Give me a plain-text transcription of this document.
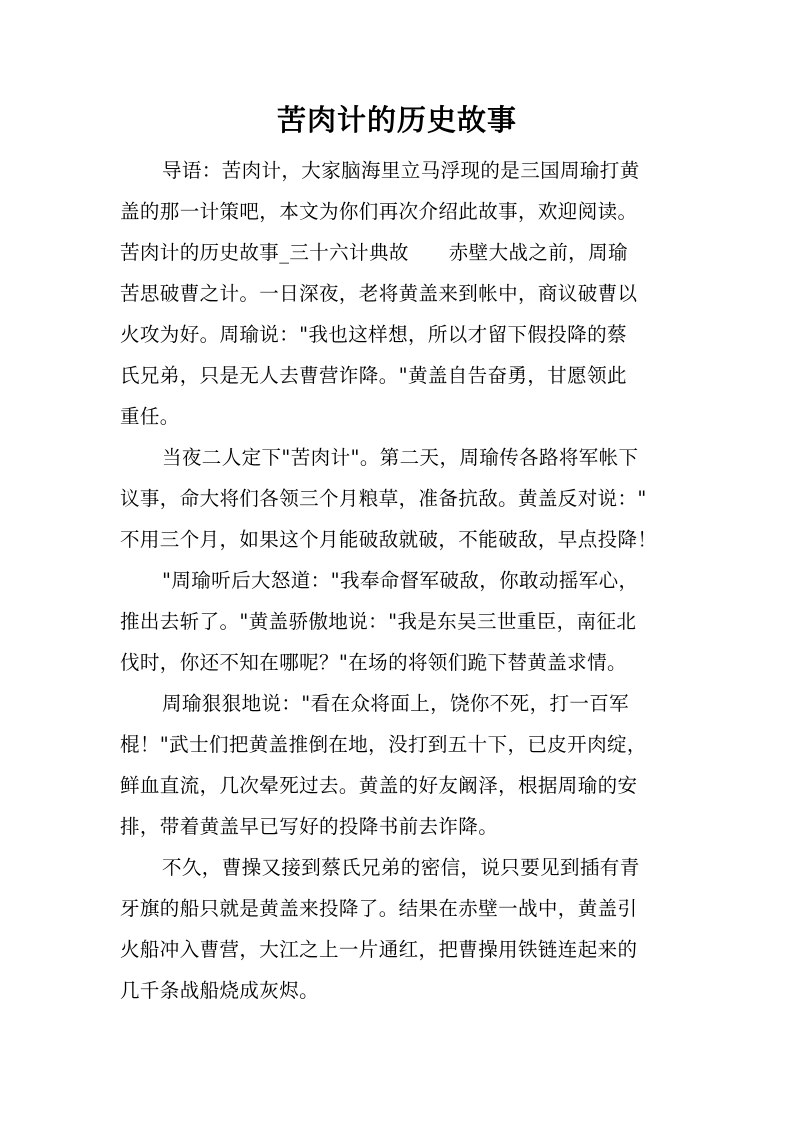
苦肉计的历史故事
导语：苦肉计，大家脑海里立马浮现的是三国周瑜打黄
盖的那一计策吧，本文为你们再次介绍此故事，欢迎阅读。
苦肉计的历史故事_三十六计典故 赤壁大战之前，周瑜
苦思破曹之计。一日深夜，老将黄盖来到帐中，商议破曹以
火攻为好。周瑜说："我也这样想，所以才留下假投降的蔡
氏兄弟，只是无人去曹营诈降。"黄盖自告奋勇，甘愿领此
重任。
当夜二人定下"苦肉计"。第二天，周瑜传各路将军帐下
议事，命大将们各领三个月粮草，准备抗敌。黄盖反对说："
不用三个月，如果这个月能破敌就破，不能破敌，早点投降！
"周瑜听后大怒道："我奉命督军破敌，你敢动摇军心，
推出去斩了。"黄盖骄傲地说："我是东吴三世重臣，南征北
伐时，你还不知在哪呢？"在场的将领们跪下替黄盖求情。
周瑜狠狠地说："看在众将面上，饶你不死，打一百军
棍！"武士们把黄盖推倒在地，没打到五十下，已皮开肉绽，
鲜血直流，几次晕死过去。黄盖的好友阚泽，根据周瑜的安
排，带着黄盖早已写好的投降书前去诈降。
不久，曹操又接到蔡氏兄弟的密信，说只要见到插有青
牙旗的船只就是黄盖来投降了。结果在赤壁一战中，黄盖引
火船冲入曹营，大江之上一片通红，把曹操用铁链连起来的
几千条战船烧成灰烬。
